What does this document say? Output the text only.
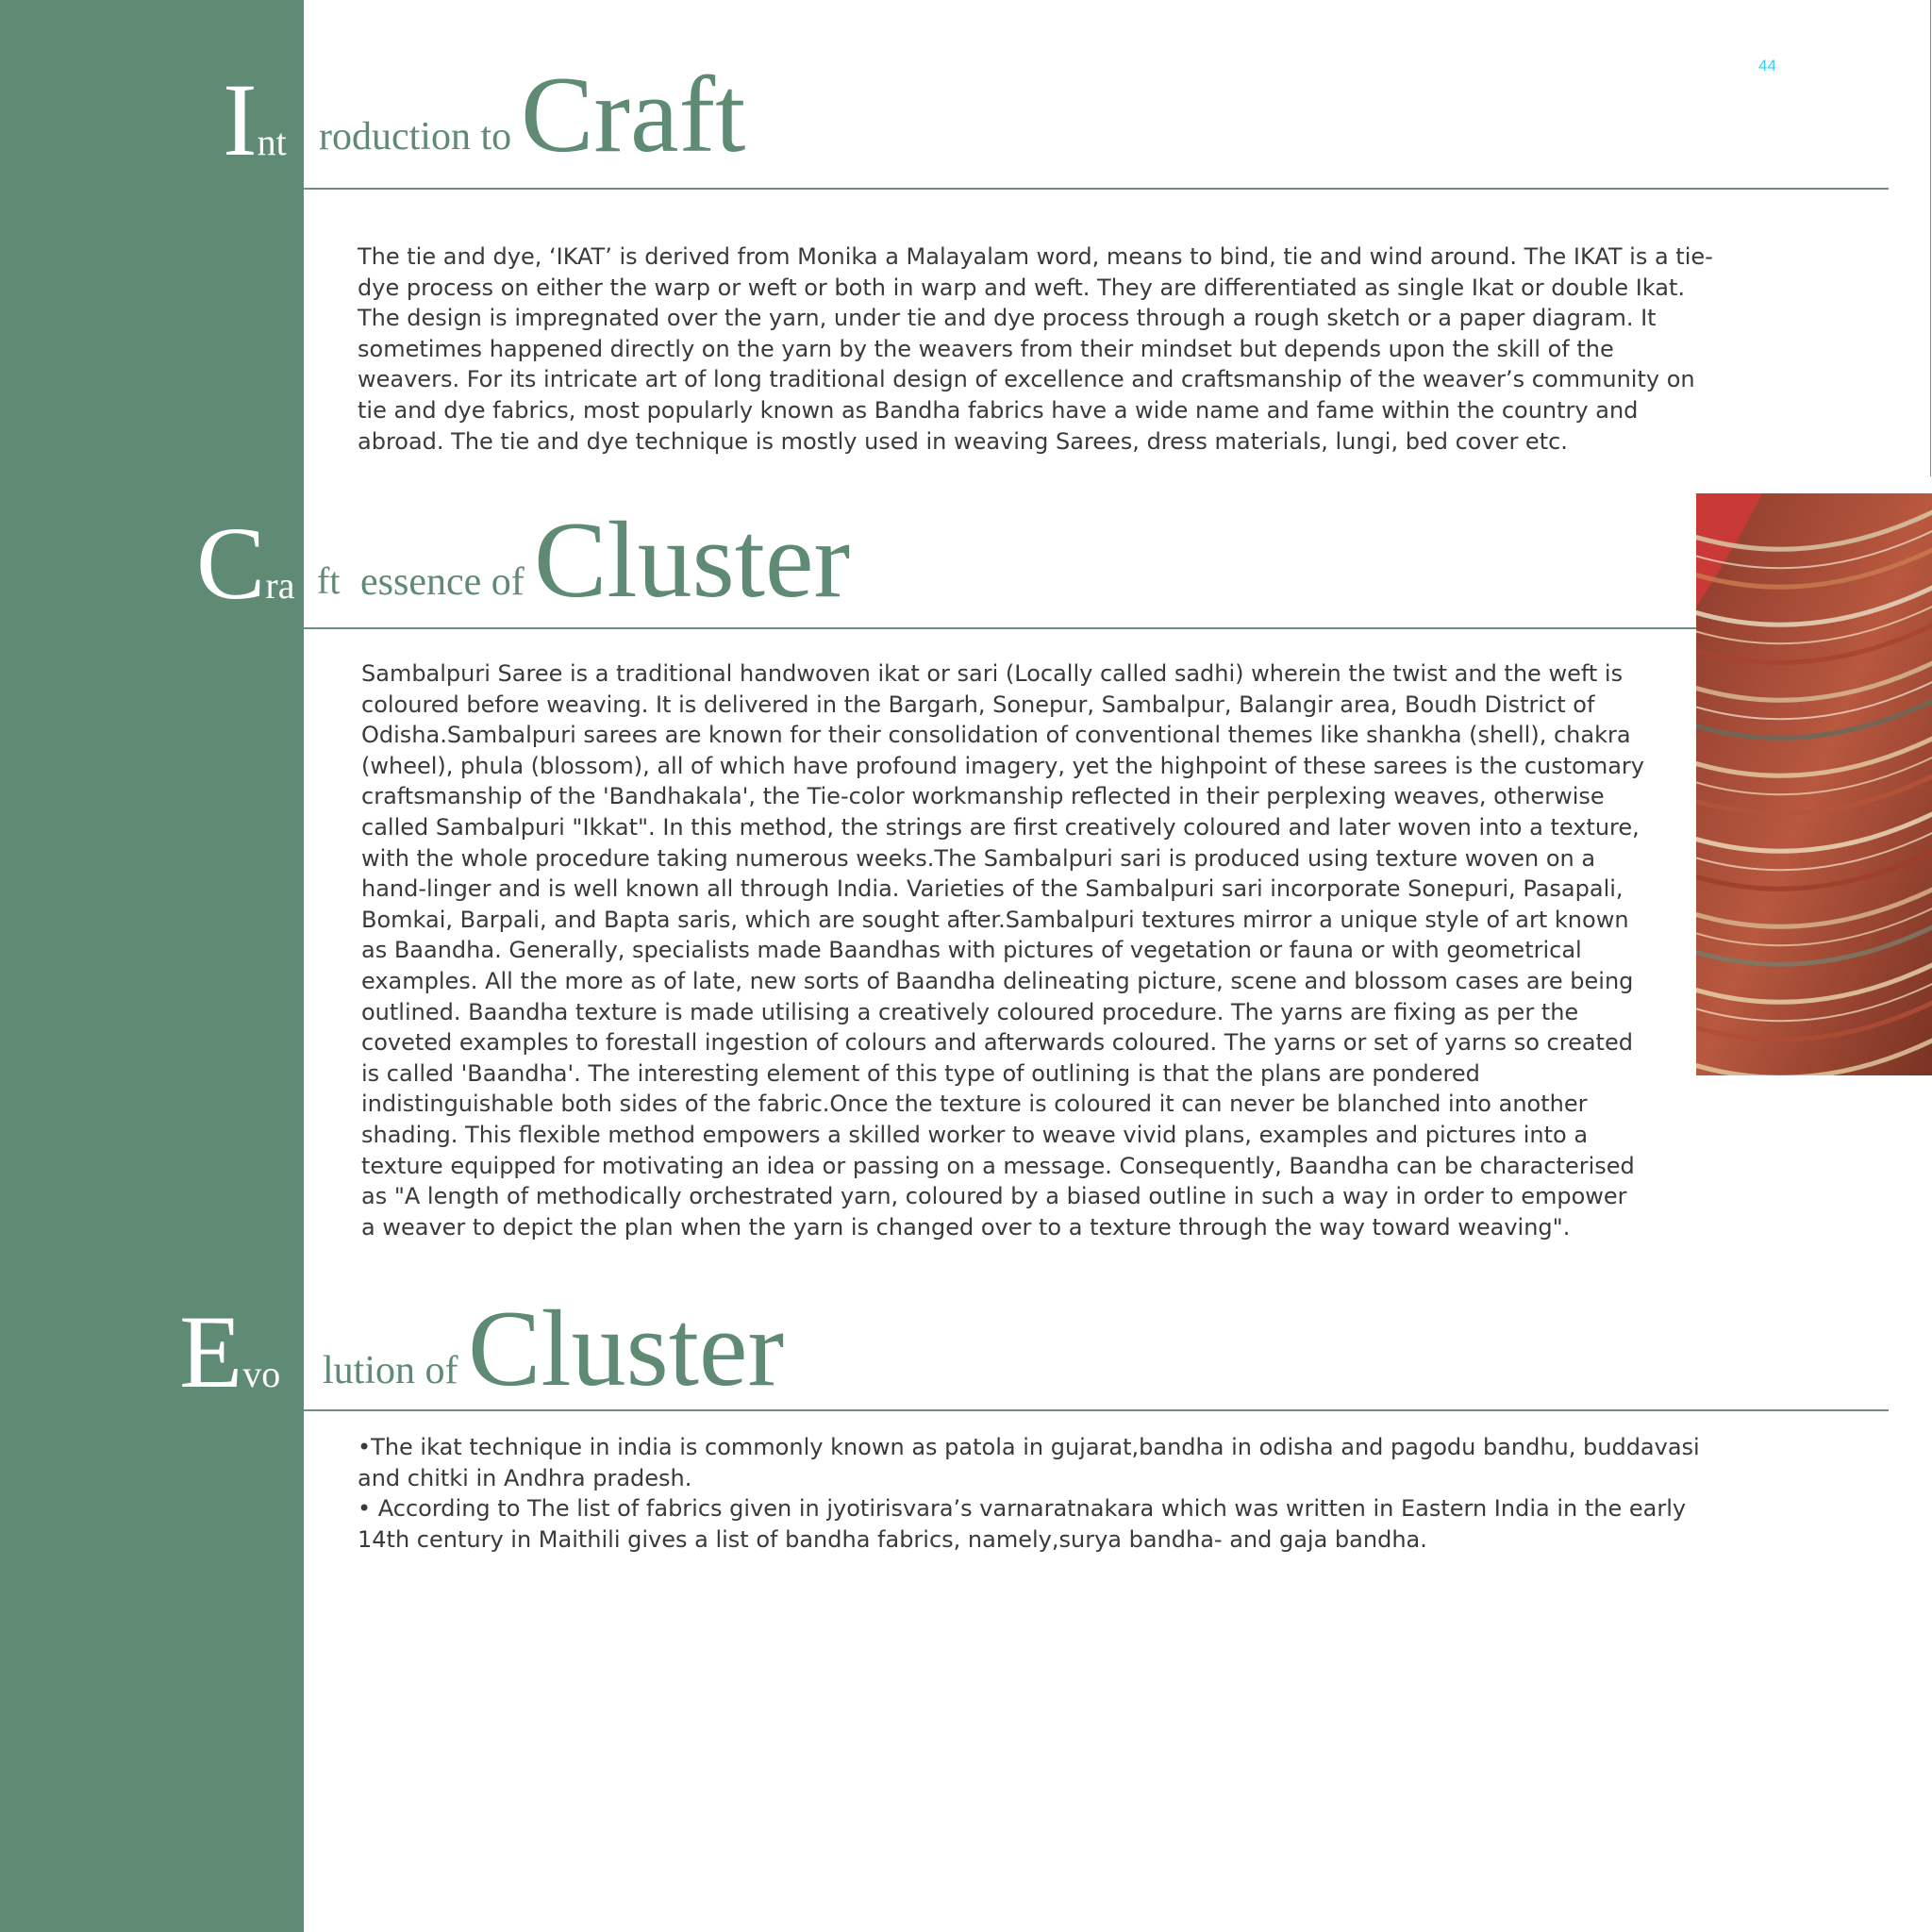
44
Int roduction to Craft

The tie and dye, ‘IKAT’ is derived from Monika a Malayalam word, means to bind, tie and wind around. The IKAT is a tie-dye process on either the warp or weft or both in warp and weft. They are differentiated as single Ikat or double Ikat. The design is impregnated over the yarn, under tie and dye process through a rough sketch or a paper diagram. It sometimes happened directly on the yarn by the weavers from their mindset but depends upon the skill of the weavers. For its intricate art of long traditional design of excellence and craftsmanship of the weaver’s community on tie and dye fabrics, most popularly known as Bandha fabrics have a wide name and fame within the country and abroad. The tie and dye technique is mostly used in weaving Sarees, dress materials, lungi, bed cover etc.

Cra ft essence of Cluster

Sambalpuri Saree is a traditional handwoven ikat or sari (Locally called sadhi) wherein the twist and the weft is coloured before weaving. It is delivered in the Bargarh, Sonepur, Sambalpur, Balangir area, Boudh District of Odisha.Sambalpuri sarees are known for their consolidation of conventional themes like shankha (shell), chakra (wheel), phula (blossom), all of which have profound imagery, yet the highpoint of these sarees is the customary craftsmanship of the 'Bandhakala', the Tie-color workmanship reflected in their perplexing weaves, otherwise called Sambalpuri "Ikkat". In this method, the strings are first creatively coloured and later woven into a texture, with the whole procedure taking numerous weeks.The Sambalpuri sari is produced using texture woven on a hand-linger and is well known all through India. Varieties of the Sambalpuri sari incorporate Sonepuri, Pasapali, Bomkai, Barpali, and Bapta saris, which are sought after.Sambalpuri textures mirror a unique style of art known as Baandha. Generally, specialists made Baandhas with pictures of vegetation or fauna or with geometrical examples. All the more as of late, new sorts of Baandha delineating picture, scene and blossom cases are being outlined. Baandha texture is made utilising a creatively coloured procedure. The yarns are fixing as per the coveted examples to forestall ingestion of colours and afterwards coloured. The yarns or set of yarns so created is called 'Baandha'. The interesting element of this type of outlining is that the plans are pondered indistinguishable both sides of the fabric.Once the texture is coloured it can never be blanched into another shading. This flexible method empowers a skilled worker to weave vivid plans, examples and pictures into a texture equipped for motivating an idea or passing on a message. Consequently, Baandha can be characterised as "A length of methodically orchestrated yarn, coloured by a biased outline in such a way in order to empower a weaver to depict the plan when the yarn is changed over to a texture through the way toward weaving".

Evo lution of Cluster

•The ikat technique in india is commonly known as patola in gujarat,bandha in odisha and pagodu bandhu, buddavasi and chitki in Andhra pradesh.

• According to The list of fabrics given in jyotirisvara’s varnaratnakara which was written in Eastern India in the early 14th century in Maithili gives a list of bandha fabrics, namely,surya bandha- and gaja bandha.
